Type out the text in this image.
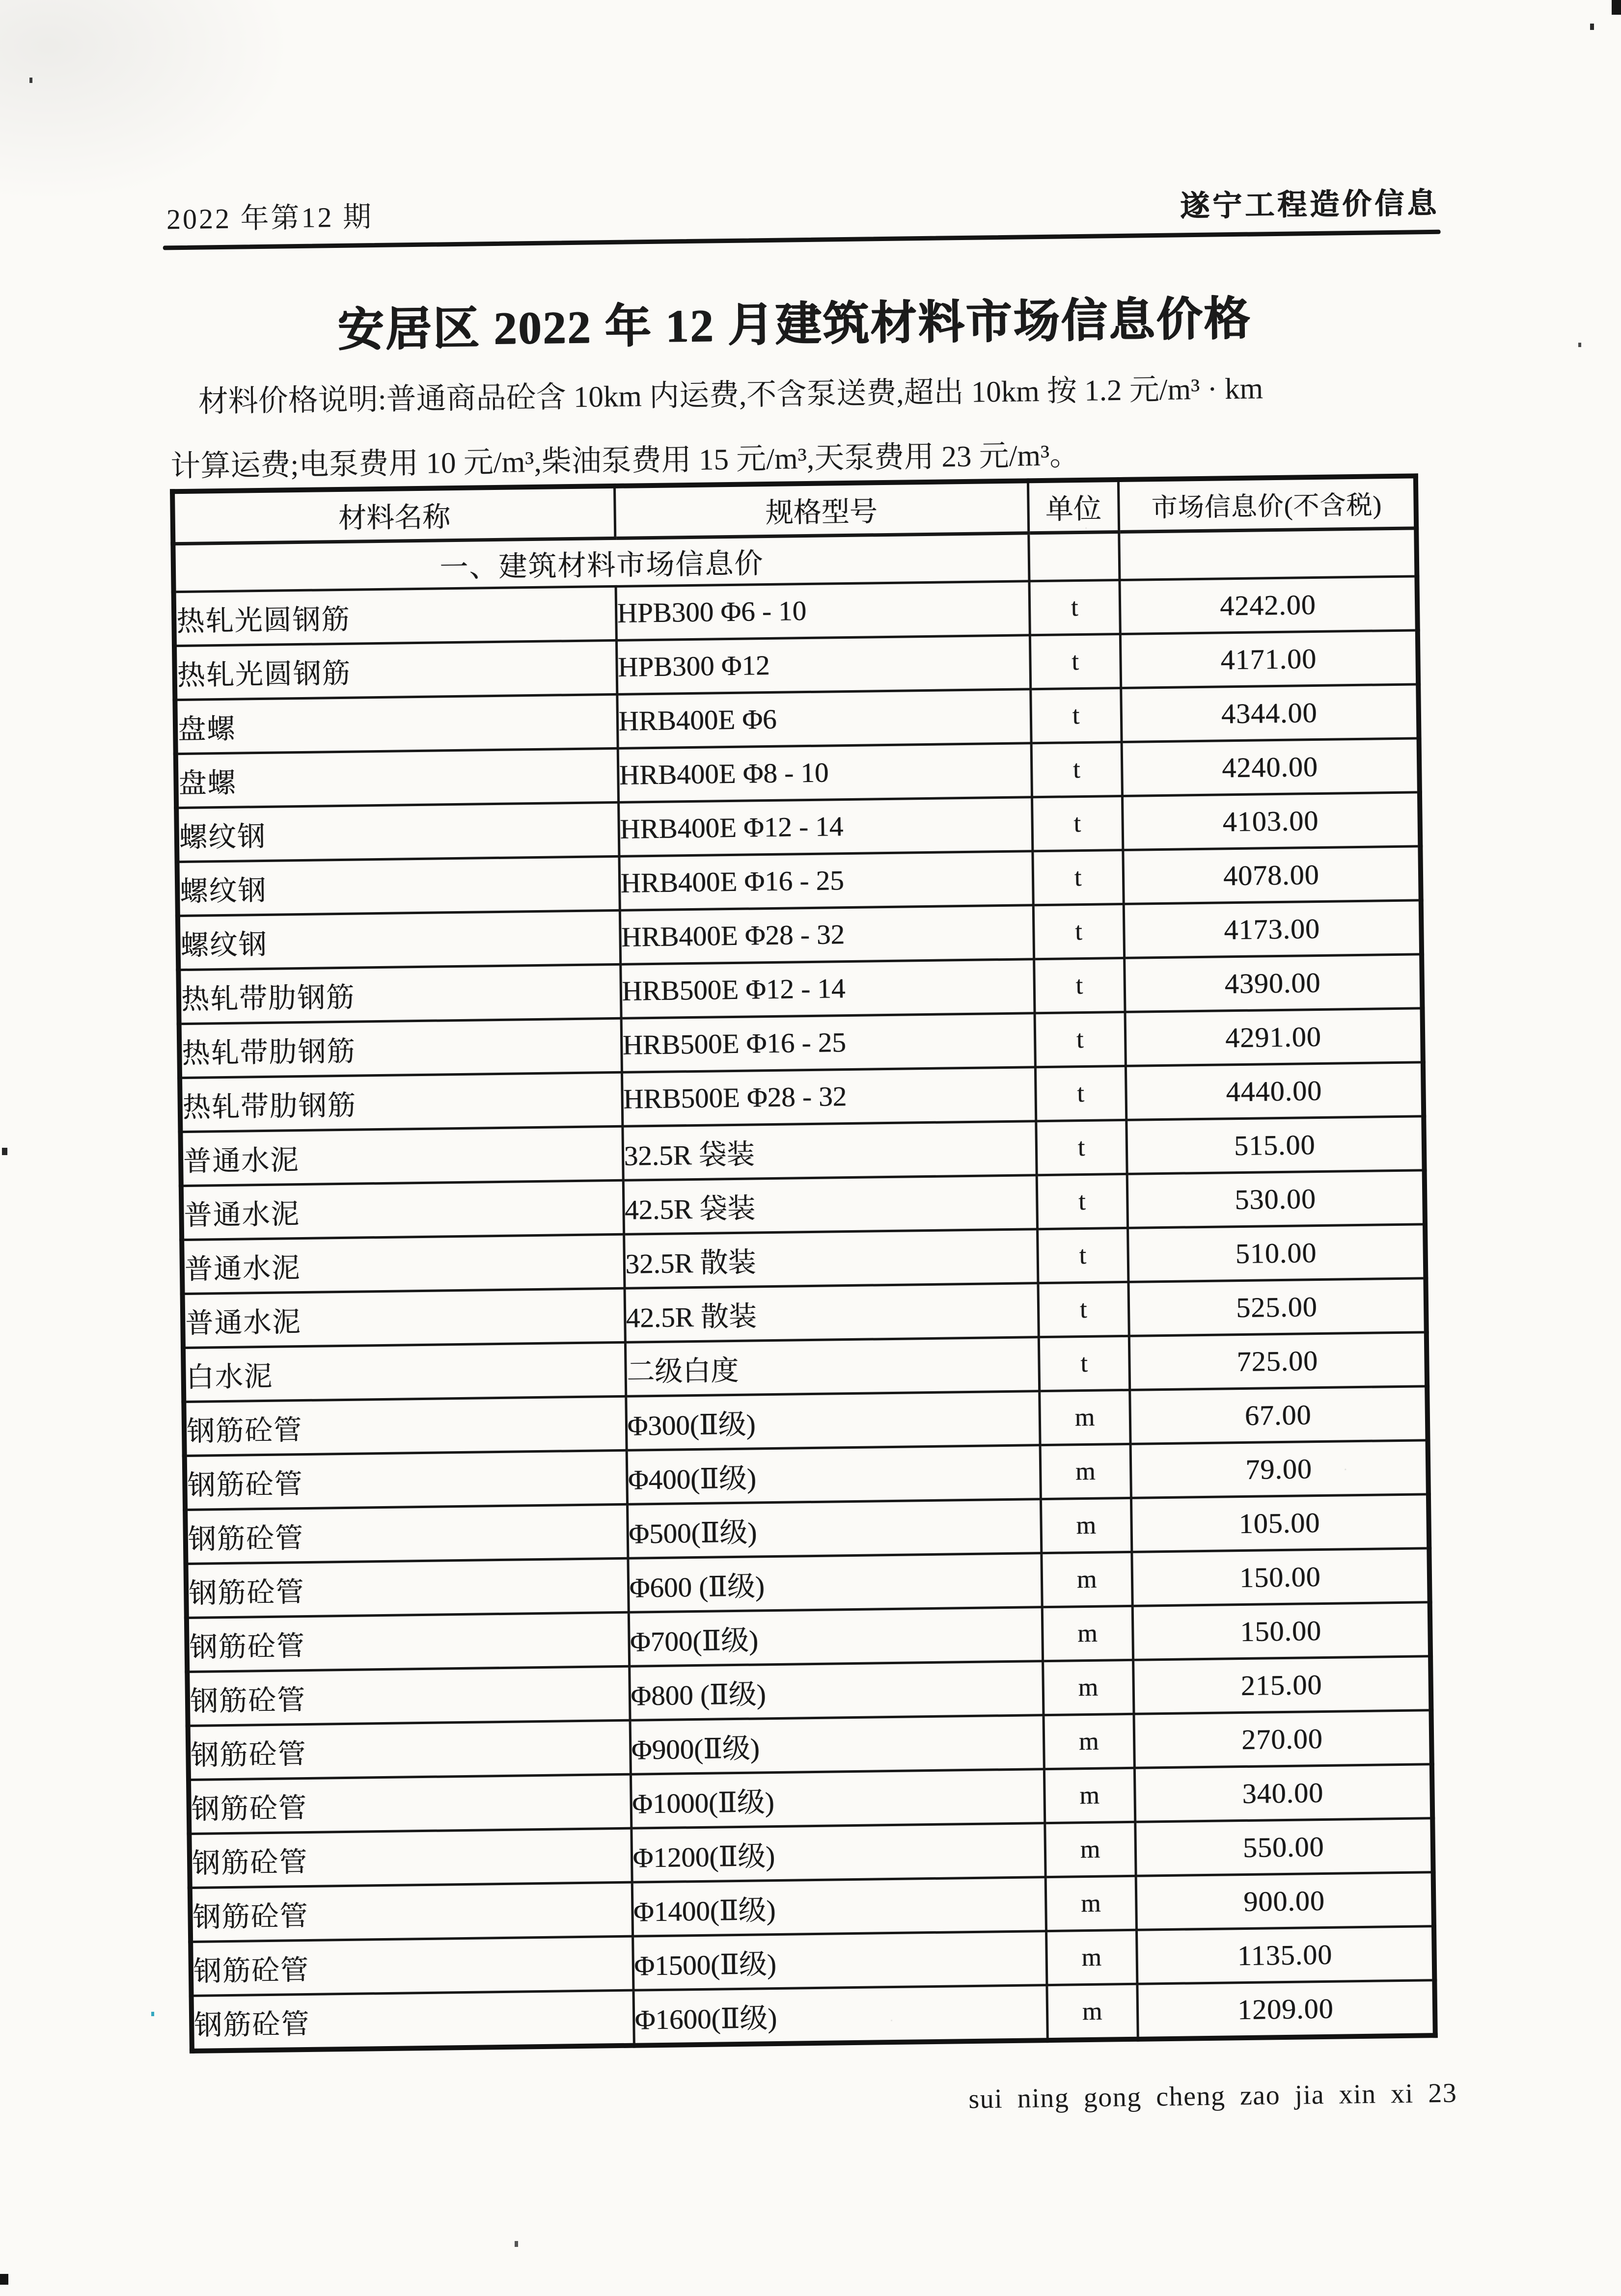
2022 年第12 期	遂宁工程造价信息
安居区 2022 年 12 月建筑材料市场信息价格
材料价格说明:普通商品砼含 10km 内运费,不含泵送费,超出 10km 按 1.2 元/m³ · km
计算运费;电泵费用 10 元/m³,柴油泵费用 15 元/m³,天泵费用 23 元/m³。
材料名称	规格型号	单位	市场信息价(不含税)
一、建筑材料市场信息价			
热轧光圆钢筋	HPB300 Φ6 - 10	t	4242.00
热轧光圆钢筋	HPB300 Φ12	t	4171.00
盘螺	HRB400E Φ6	t	4344.00
盘螺	HRB400E Φ8 - 10	t	4240.00
螺纹钢	HRB400E Φ12 - 14	t	4103.00
螺纹钢	HRB400E Φ16 - 25	t	4078.00
螺纹钢	HRB400E Φ28 - 32	t	4173.00
热轧带肋钢筋	HRB500E Φ12 - 14	t	4390.00
热轧带肋钢筋	HRB500E Φ16 - 25	t	4291.00
热轧带肋钢筋	HRB500E Φ28 - 32	t	4440.00
普通水泥	32.5R 袋装	t	515.00
普通水泥	42.5R 袋装	t	530.00
普通水泥	32.5R 散装	t	510.00
普通水泥	42.5R 散装	t	525.00
白水泥	二级白度	t	725.00
钢筋砼管	Φ300(Ⅱ级)	m	67.00
钢筋砼管	Φ400(Ⅱ级)	m	79.00
钢筋砼管	Φ500(Ⅱ级)	m	105.00
钢筋砼管	Φ600 (Ⅱ级)	m	150.00
钢筋砼管	Φ700(Ⅱ级)	m	150.00
钢筋砼管	Φ800 (Ⅱ级)	m	215.00
钢筋砼管	Φ900(Ⅱ级)	m	270.00
钢筋砼管	Φ1000(Ⅱ级)	m	340.00
钢筋砼管	Φ1200(Ⅱ级)	m	550.00
钢筋砼管	Φ1400(Ⅱ级)	m	900.00
钢筋砼管	Φ1500(Ⅱ级)	m	1135.00
钢筋砼管	Φ1600(Ⅱ级)	m	1209.00
sui ning gong cheng zao jia xin xi 23
